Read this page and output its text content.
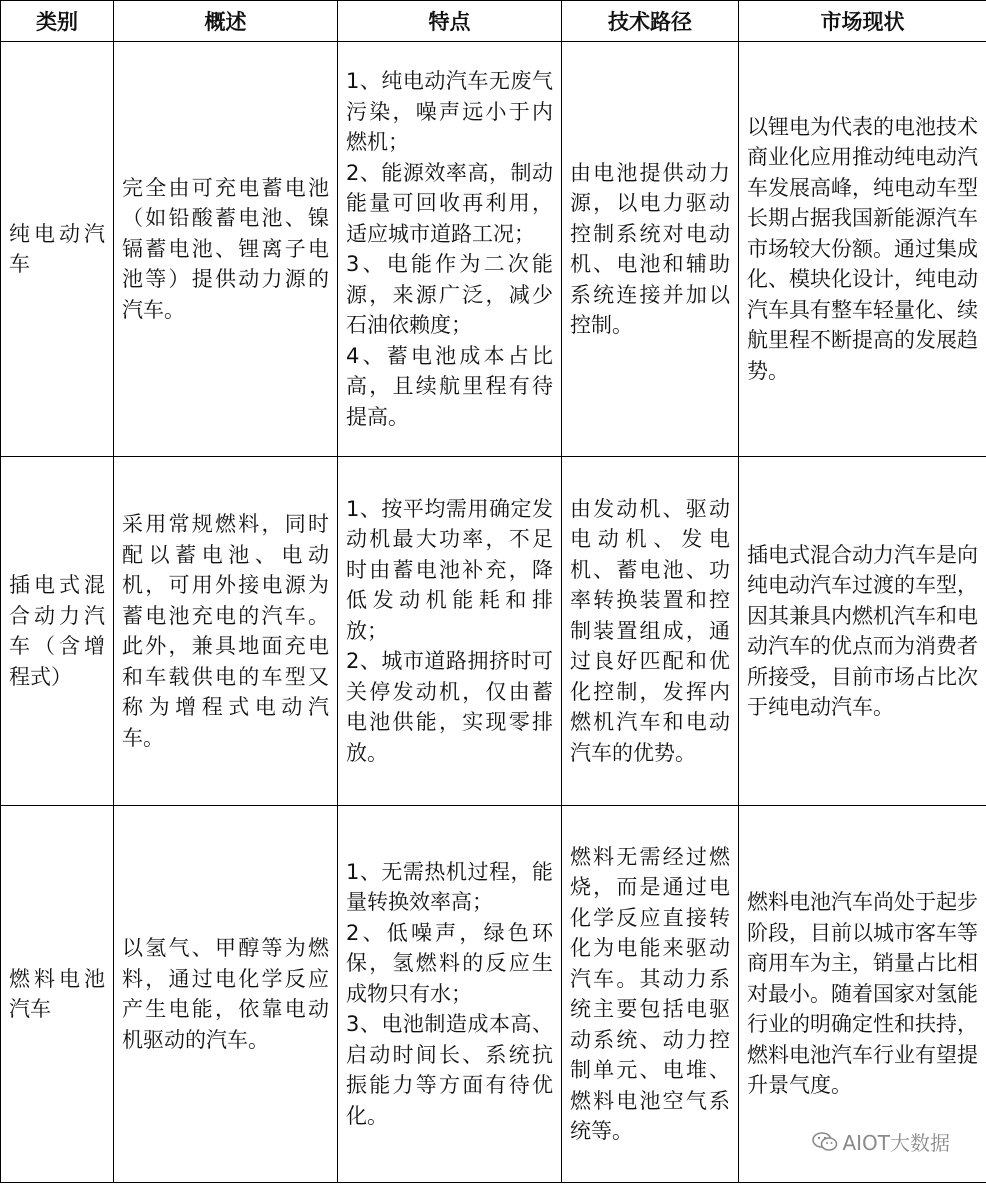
类别	概述	特点	技术路径	市场现状
纯电动汽车	完全由可充电蓄电池（如铅酸蓄电池、镍镉蓄电池、锂离子电池等）提供动力源的汽车。	1、纯电动汽车无废气污染，噪声远小于内燃机；
2、能源效率高，制动能量可回收再利用，适应城市道路工况；
3、电能作为二次能源，来源广泛，减少石油依赖度；
4、蓄电池成本占比高，且续航里程有待提高。	由电池提供动力源，以电力驱动控制系统对电动机、电池和辅助系统连接并加以控制。	以锂电为代表的电池技术商业化应用推动纯电动汽车发展高峰，纯电动车型长期占据我国新能源汽车市场较大份额。通过集成化、模块化设计，纯电动汽车具有整车轻量化、续航里程不断提高的发展趋势。
插电式混合动力汽车（含增程式）	采用常规燃料，同时配以蓄电池、电动机，可用外接电源为蓄电池充电的汽车。此外，兼具地面充电和车载供电的车型又称为增程式电动汽车。	1、按平均需用确定发动机最大功率，不足时由蓄电池补充，降低发动机能耗和排放；
2、城市道路拥挤时可关停发动机，仅由蓄电池供能，实现零排放。	由发动机、驱动电动机、发电机、蓄电池、功率转换装置和控制装置组成，通过良好匹配和优化控制，发挥内燃机汽车和电动汽车的优势。	插电式混合动力汽车是向纯电动汽车过渡的车型，因其兼具内燃机汽车和电动汽车的优点而为消费者所接受，目前市场占比次于纯电动汽车。
燃料电池汽车	以氢气、甲醇等为燃料，通过电化学反应产生电能，依靠电动机驱动的汽车。	1、无需热机过程，能量转换效率高；
2、低噪声，绿色环保，氢燃料的反应生成物只有水；
3、电池制造成本高、启动时间长、系统抗振能力等方面有待优化。	燃料无需经过燃烧，而是通过电化学反应直接转化为电能来驱动汽车。其动力系统主要包括电驱动系统、动力控制单元、电堆、燃料电池空气系统等。	燃料电池汽车尚处于起步阶段，目前以城市客车等商用车为主，销量占比相对最小。随着国家对氢能行业的明确定性和扶持，燃料电池汽车行业有望提升景气度。
AIOT大数据
